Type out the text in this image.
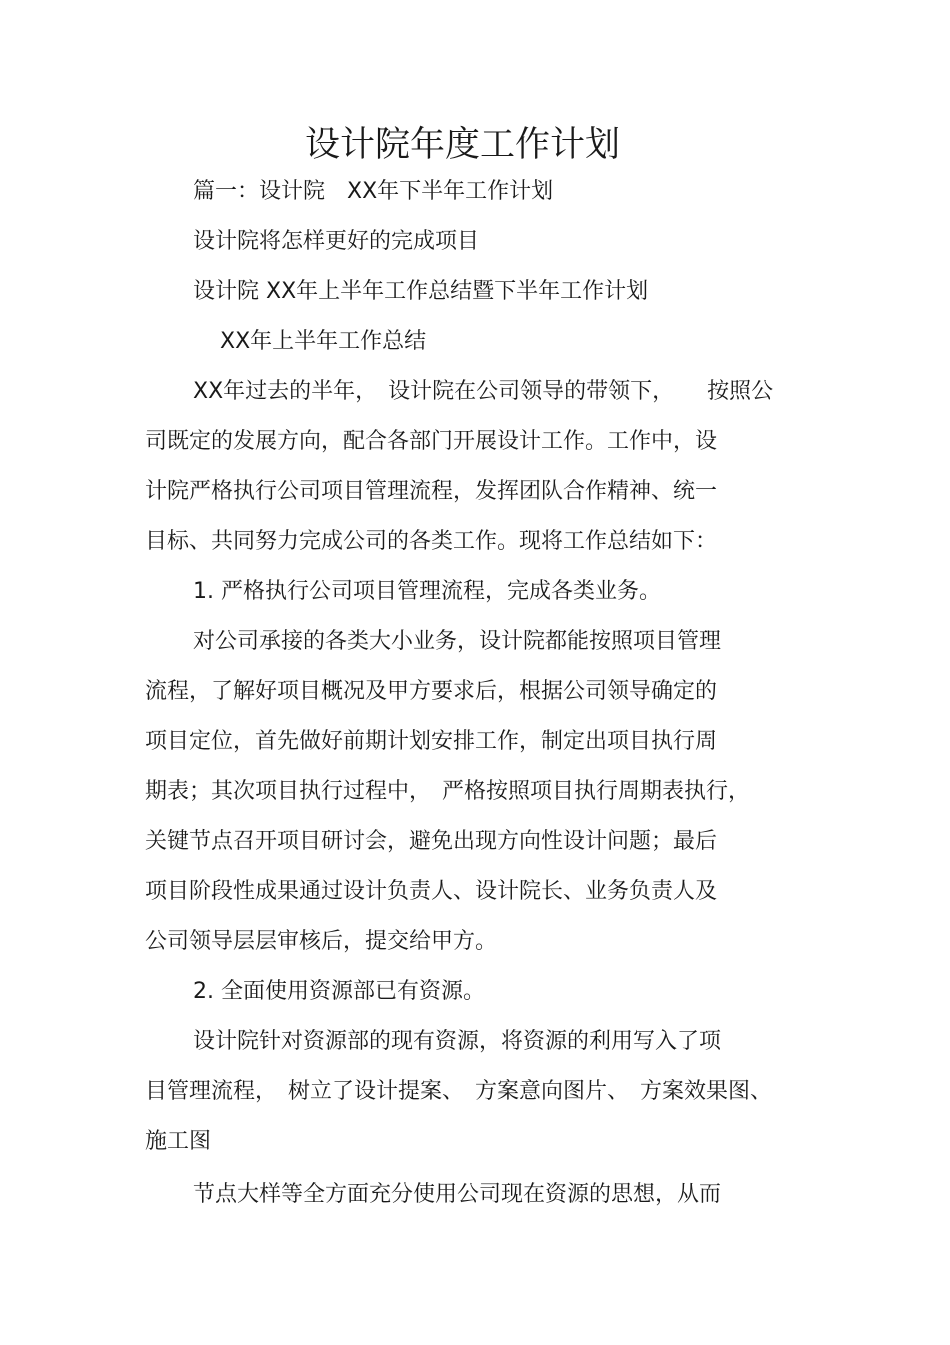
设计院年度工作计划
篇一：设计院　XX年下半年工作计划
设计院将怎样更好的完成项目
设计院 XX年上半年工作总结暨下半年工作计划
XX年上半年工作总结
XX年过去的半年，　设计院在公司领导的带领下，　　按照公
司既定的发展方向，配合各部门开展设计工作。工作中，设
计院严格执行公司项目管理流程，发挥团队合作精神、统一
目标、共同努力完成公司的各类工作。现将工作总结如下：
1. 严格执行公司项目管理流程，完成各类业务。
对公司承接的各类大小业务，设计院都能按照项目管理
流程，了解好项目概况及甲方要求后，根据公司领导确定的
项目定位，首先做好前期计划安排工作，制定出项目执行周
期表；其次项目执行过程中，　严格按照项目执行周期表执行，
关键节点召开项目研讨会，避免出现方向性设计问题；最后
项目阶段性成果通过设计负责人、设计院长、业务负责人及
公司领导层层审核后，提交给甲方。
2. 全面使用资源部已有资源。
设计院针对资源部的现有资源，将资源的利用写入了项
目管理流程，　树立了设计提案、　方案意向图片、　方案效果图、
施工图
节点大样等全方面充分使用公司现在资源的思想，从而
